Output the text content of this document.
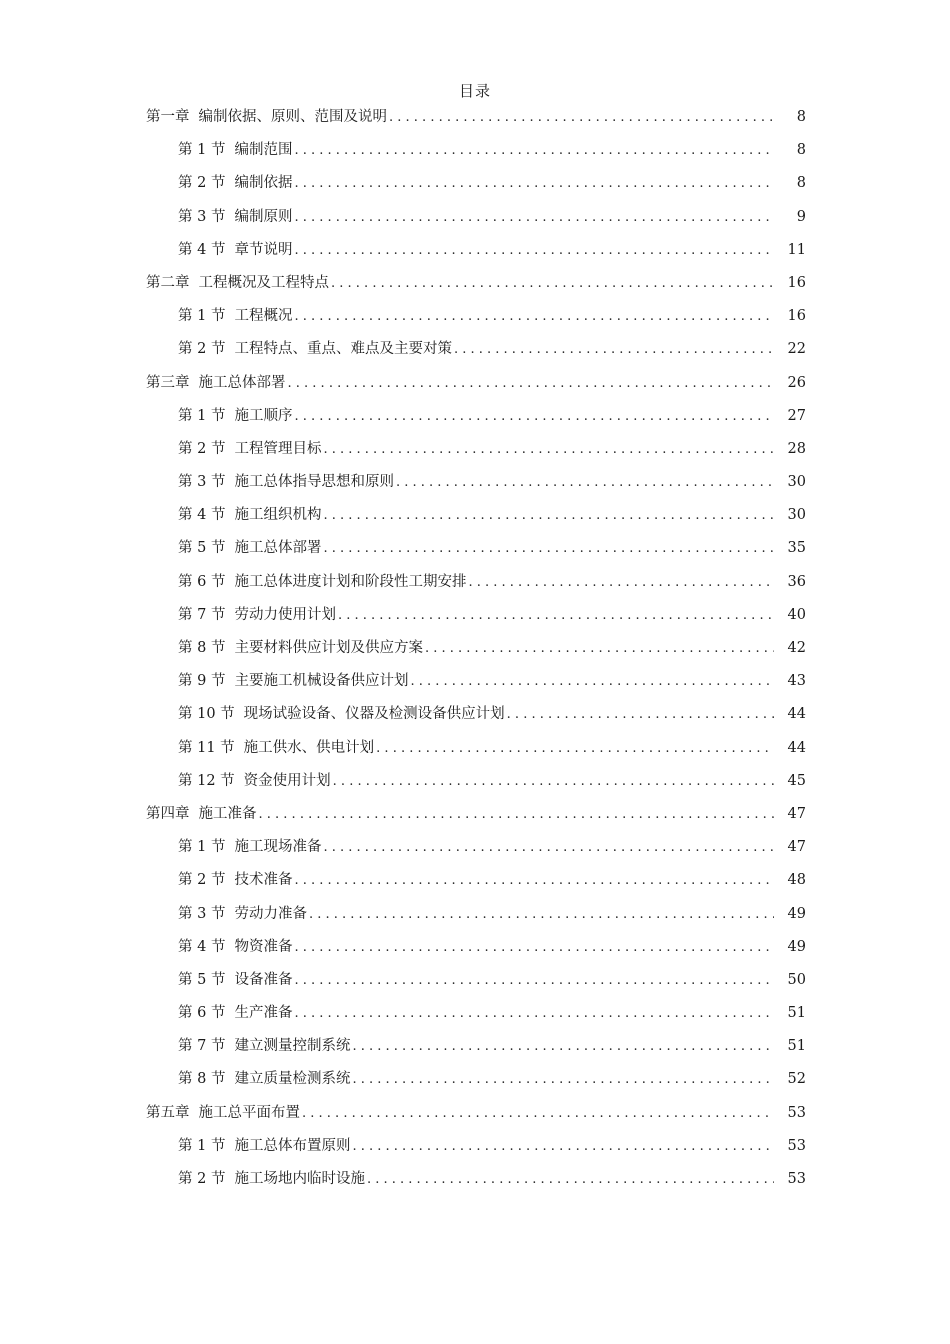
目录
第一章 编制依据、原则、范围及说明 . . .	8
第 1 节 编制范围 . . .	8
第 2 节 编制依据 . . .	8
第 3 节 编制原则 . . .	9
第 4 节 章节说明 . . .	11
第二章 工程概况及工程特点 . . .	16
第 1 节 工程概况 . . .	16
第 2 节 工程特点、重点、难点及主要对策 . . .	22
第三章 施工总体部署 . . .	26
第 1 节 施工顺序 . . .	27
第 2 节 工程管理目标 . . .	28
第 3 节 施工总体指导思想和原则 . . .	30
第 4 节 施工组织机构 . . .	30
第 5 节 施工总体部署 . . .	35
第 6 节 施工总体进度计划和阶段性工期安排 . . .	36
第 7 节 劳动力使用计划 . . .	40
第 8 节 主要材料供应计划及供应方案 . . .	42
第 9 节 主要施工机械设备供应计划 . . .	43
第 10 节 现场试验设备、仪器及检测设备供应计划 . . .	44
第 11 节 施工供水、供电计划 . . .	44
第 12 节 资金使用计划 . . .	45
第四章 施工准备 . . .	47
第 1 节 施工现场准备 . . .	47
第 2 节 技术准备 . . .	48
第 3 节 劳动力准备 . . .	49
第 4 节 物资准备 . . .	49
第 5 节 设备准备 . . .	50
第 6 节 生产准备 . . .	51
第 7 节 建立测量控制系统 . . .	51
第 8 节 建立质量检测系统 . . .	52
第五章 施工总平面布置 . . .	53
第 1 节 施工总体布置原则 . . .	53
第 2 节 施工场地内临时设施 . . .	53
